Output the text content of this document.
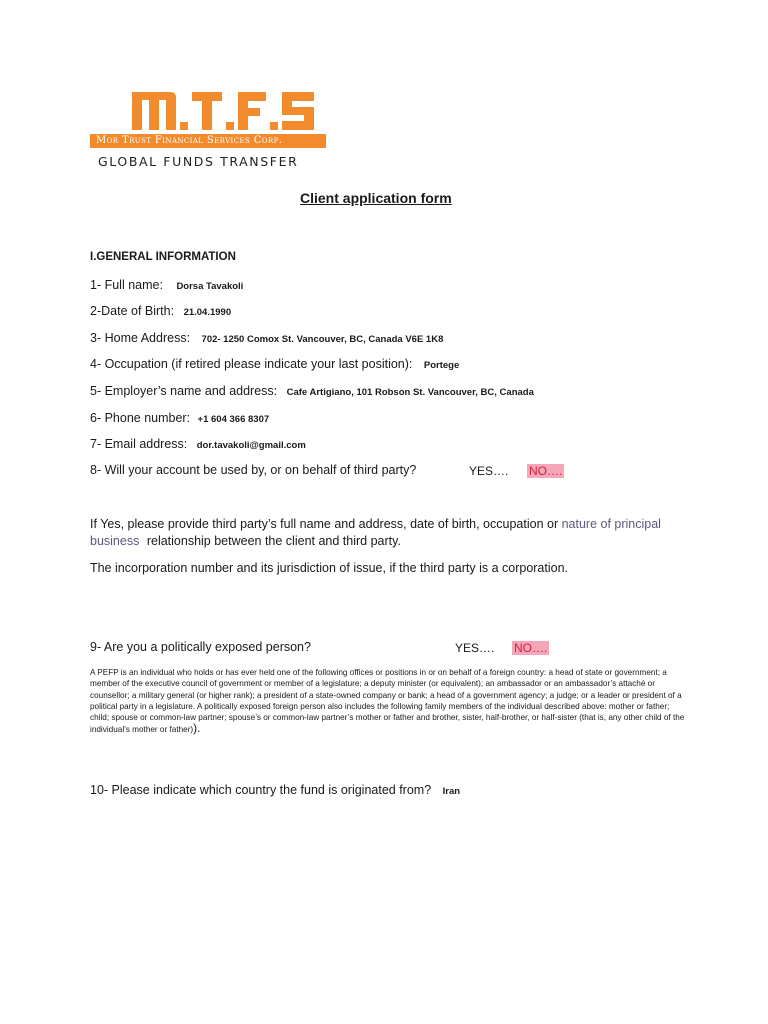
Mor Trust Financial Services Corp.
GLOBAL FUNDS TRANSFER
Client application form
I.GENERAL INFORMATION
1- Full name: Dorsa Tavakoli
2-Date of Birth: 21.04.1990
3- Home Address: 702- 1250 Comox St. Vancouver, BC, Canada V6E 1K8
4- Occupation (if retired please indicate your last position): Portege
5- Employer’s name and address: Cafe Artigiano, 101 Robson St. Vancouver, BC, Canada
6- Phone number: +1 604 366 8307
7- Email address: dor.tavakoli@gmail.com
8- Will your account be used by, or on behalf of third party?	YES…. NO….
If Yes, please provide third party’s full name and address, date of birth, occupation or nature of principal
business relationship between the client and third party.
The incorporation number and its jurisdiction of issue, if the third party is a corporation.
9- Are you a politically exposed person?	YES…. NO….
A PEFP is an individual who holds or has ever held one of the following offices or positions in or on behalf of a foreign country: a head of state or government; a member of the executive council of government or member of a legislature; a deputy minister (or equivalent); an ambassador or an ambassador’s attaché or counsellor; a military general (or higher rank); a president of a state-owned company or bank; a head of a government agency; a judge; or a leader or president of a political party in a legislature. A politically exposed foreign person also includes the following family members of the individual described above: mother or father; child; spouse or common-law partner; spouse’s or common-law partner’s mother or father and brother, sister, half-brother, or half-sister (that is, any other child of the individual’s mother or father)).
10- Please indicate which country the fund is originated from? Iran
